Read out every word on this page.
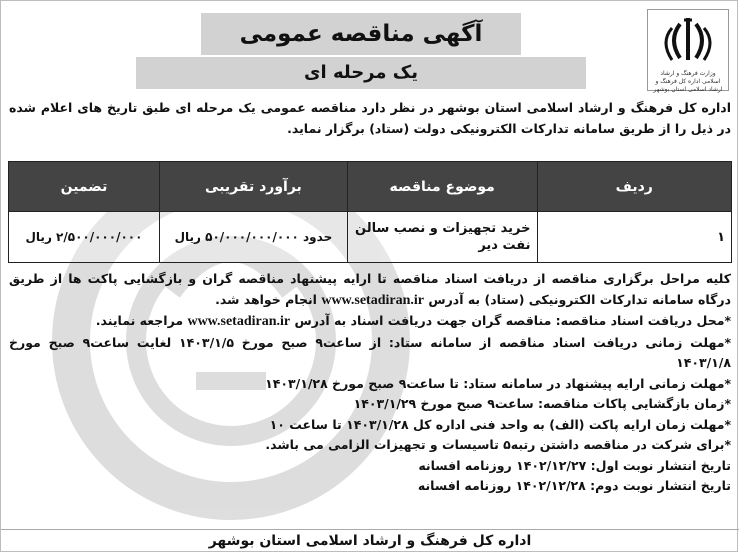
وزارت فرهنگ و ارشاد اسلامی اداره کل فرهنگ و ارشاد اسلامی استان بوشهر
آگهی مناقصه عمومی
یک مرحله ای
اداره کل فرهنگ و ارشاد اسلامی استان بوشهر در نظر دارد مناقصه عمومی یک مرحله ای طبق تاریخ های اعلام شده در ذیل را از طریق سامانه تدارکات الکترونیکی دولت (ستاد) برگزار نماید.
ردیف	موضوع مناقصه	برآورد تقریبی	تضمین
۱	خرید تجهیزات و نصب سالن نفت دیر	حدود ۵۰/۰۰۰/۰۰۰/۰۰۰ ریال	۲/۵۰۰/۰۰۰/۰۰۰ ریال

کلیه مراحل برگزاری مناقصه از دریافت اسناد مناقصه تا ارایه پیشنهاد مناقصه گران و بازگشایی پاکت ها از طریق درگاه سامانه تدارکات الکترونیکی (ستاد) به آدرس www.setadiran.ir انجام خواهد شد.

*محل دریافت اسناد مناقصه: مناقصه گران جهت دریافت اسناد به آدرس www.setadiran.ir مراجعه نمایند.

*مهلت زمانی دریافت اسناد مناقصه از سامانه ستاد: از ساعت۹ صبح مورخ ۱۴۰۳/۱/۵ لغایت ساعت۹ صبح مورخ ۱۴۰۳/۱/۸

*مهلت زمانی ارایه پیشنهاد در سامانه ستاد: تا ساعت۹ صبح مورخ ۱۴۰۳/۱/۲۸

*زمان بازگشایی پاکات مناقصه: ساعت۹ صبح مورخ ۱۴۰۳/۱/۲۹

*مهلت زمان ارایه پاکت (الف) به واحد فنی اداره کل ۱۴۰۳/۱/۲۸ تا ساعت ۱۰

*برای شرکت در مناقصه داشتن رتبه۵ تاسیسات و تجهیزات الزامی می باشد.

تاریخ انتشار نوبت اول: ۱۴۰۲/۱۲/۲۷ روزنامه افسانه

تاریخ انتشار نوبت دوم: ۱۴۰۲/۱۲/۲۸ روزنامه افسانه

اداره کل فرهنگ و ارشاد اسلامی استان بوشهر
